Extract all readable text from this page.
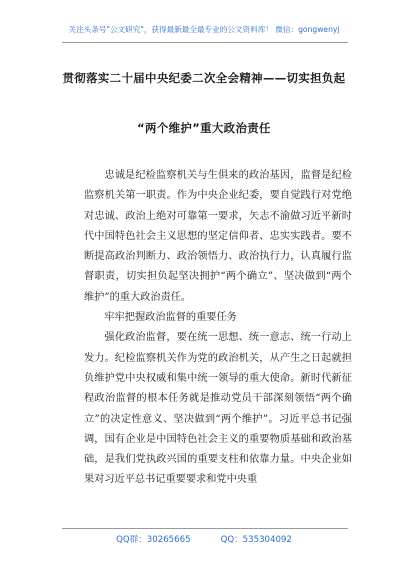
关注头条号"公文研究"，获得最新最全最专业的公文资料库！ 微信：gongwenyj
贯彻落实二十届中央纪委二次全会精神——切实担负起
“两个维护”重大政治责任

忠诚是纪检监察机关与生俱来的政治基因，监督是纪检监察机关第一职责。作为中央企业纪委，要自觉践行对党绝对忠诚、政治上绝对可靠第一要求，矢志不渝做习近平新时代中国特色社会主义思想的坚定信仰者、忠实实践者。要不断提高政治判断力、政治领悟力、政治执行力，认真履行监督职责，切实担负起坚决拥护“两个确立”、坚决做到“两个维护”的重大政治责任。

牢牢把握政治监督的重要任务

强化政治监督，要在统一思想、统一意志、统一行动上发力。纪检监察机关作为党的政治机关，从产生之日起就担负维护党中央权威和集中统一领导的重大使命。新时代新征程政治监督的根本任务就是推动党员干部深刻领悟“两个确立”的决定性意义、坚决做到“两个维护”。习近平总书记强调，国有企业是中国特色社会主义的重要物质基础和政治基础，是我们党执政兴国的重要支柱和依靠力量。中央企业如果对习近平总书记重要要求和党中央重

QQ群：30265665	QQ：535304092
